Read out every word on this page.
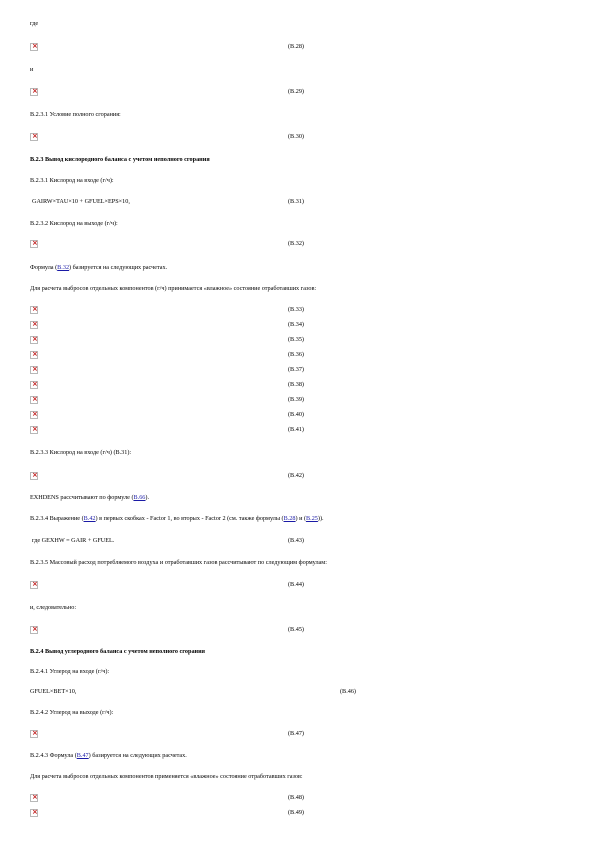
где
×
(В.28)
и
×
(В.29)
В.2.3.1 Условие полного сгорания:
×
(В.30)
В.2.3 Вывод кислородного баланса с учетом неполного сгорания
В.2.3.1 Кислород на входе (г/ч):
GAIRW×TAU×10 + GFUEL×EPS×10,	(В.31)
В.2.3.2 Кислород на выходе (г/ч):
×
(В.32)
Формула (В.32) базируется на следующих расчетах.
Для расчета выбросов отдельных компонентов (г/ч) принимается «влажное» состояние отработавших газов:
×
(В.33)
×
(В.34)
×
(В.35)
×
(В.36)
×
(В.37)
×
(В.38)
×
(В.39)
×
(В.40)
×
(В.41)
В.2.3.3 Кислород на входе (г/ч) (В.31):
×
(В.42)
EXHDENS рассчитывают по формуле (В.66).
В.2.3.4 Выражение (В.42) в первых скобках - Factor 1, во вторых - Factor 2 (см. также формулы (В.28) и (В.25)).
где GEXHW = GAIR + GFUEL.	(В.43)
В.2.3.5 Массовый расход потребляемого воздуха и отработавших газов рассчитывают по следующим формулам:
×
(В.44)
и, следовательно:
×
(В.45)
В.2.4 Вывод углеродного баланса с учетом неполного сгорания
В.2.4.1 Углерод на входе (г/ч):
GFUEL×BET×10,	(В.46)
В.2.4.2 Углерод на выходе (г/ч):
×
(В.47)
В.2.4.3 Формула (В.47) базируется на следующих расчетах.
Для расчета выбросов отдельных компонентов применяется «влажное» состояние отработавших газов:
×
(В.48)
×
(В.49)
